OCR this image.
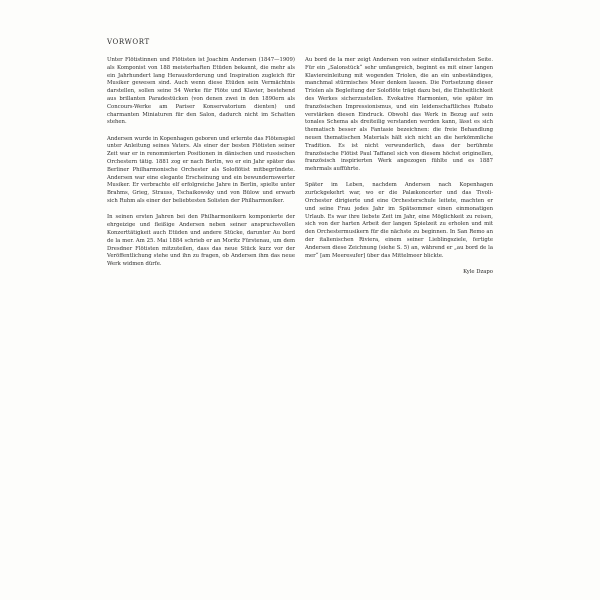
VORWORT

Unter Flötistinnen und Flötisten ist Joachim Andersen (1847—1909) als Komponist von 188 meisterhaften Etüden bekannt, die mehr als ein Jahrhundert lang Herausforderung und Inspiration zugleich für Musiker gewesen sind. Auch wenn diese Etüden sein Vermächtnis darstellen, sollen seine 54 Werke für Flöte und Klavier, bestehend aus brillanten Paradestücken (von denen zwei in den 1890ern als Concours-Werke am Pariser Konservatorium dienten) und charmanten Miniaturen für den Salon, dadurch nicht im Schatten stehen.

Andersen wurde in Kopenhagen geboren und erlernte das Flötenspiel unter Anleitung seines Vaters. Als einer der besten Flötisten seiner Zeit war er in renommierten Positionen in dänischen und russischen Orchestern tätig. 1881 zog er nach Berlin, wo er ein Jahr später das Berliner Philharmonische Orchester als Soloflötist mitbegründete. Andersen war eine elegante Erscheinung und ein bewundernswerter Musiker. Er verbrachte elf erfolgreiche Jahre in Berlin, spielte unter Brahms, Grieg, Strauss, Tschaikowsky und von Bülow und erwarb sich Ruhm als einer der beliebtesten Solisten der Philharmoniker.

In seinen ersten Jahren bei den Philharmonikern komponierte der ehrgeizige und fleißige Andersen neben seiner anspruchsvollen Konzerttätigkeit auch Etüden und andere Stücke, darunter Au bord de la mer. Am 25. Mai 1884 schrieb er an Moritz Fürstenau, um dem Dresdner Flötisten mitzuteilen, dass das neue Stück kurz vor der Veröffentlichung stehe und ihn zu fragen, ob Andersen ihm das neue Werk widmen dürfe.

Au bord de la mer zeigt Andersen von seiner einfallsreichsten Seite. Für ein „Salonstück“ sehr umfangreich, beginnt es mit einer langen Klaviereinleitung mit wogenden Triolen, die an ein unbeständiges, manchmal stürmisches Meer denken lassen. Die Fortsetzung dieser Triolen als Begleitung der Soloflöte trägt dazu bei, die Einheitlichkeit des Werkes sicherzustellen. Evokative Harmonien, wie später im französischen Impressionismus, und ein leidenschaftliches Rubato verstärken diesen Eindruck. Obwohl das Werk in Bezug auf sein tonales Schema als dreiteilig verstanden werden kann, lässt es sich thematisch besser als Fantasie bezeichnen: die freie Behandlung neuen thematischen Materials hält sich nicht an die herkömmliche Tradition. Es ist nicht verwunderlich, dass der berühmte französische Flötist Paul Taffanel sich von diesem höchst originellen, französisch inspirierten Werk angezogen fühlte und es 1887 mehrmals aufführte.

Später im Leben, nachdem Andersen nach Kopenhagen zurückgekehrt war, wo er die Palækoncerter und das Tivoli-Orchester dirigierte und eine Orchesterschule leitete, machten er und seine Frau jedes Jahr im Spätsommer einen einmonatigen Urlaub. Es war ihre liebste Zeit im Jahr, eine Möglichkeit zu reisen, sich von der harten Arbeit der langen Spielzeit zu erholen und mit den Orchestermusikern für die nächste zu beginnen. In San Remo an der italienischen Riviera, einem seiner Lieblingsziele, fertigte Andersen diese Zeichnung (siehe S. 5) an, während er „au bord de la mer“ [am Meeresufer] über das Mittelmeer blickte.

Kyle Dzapo
